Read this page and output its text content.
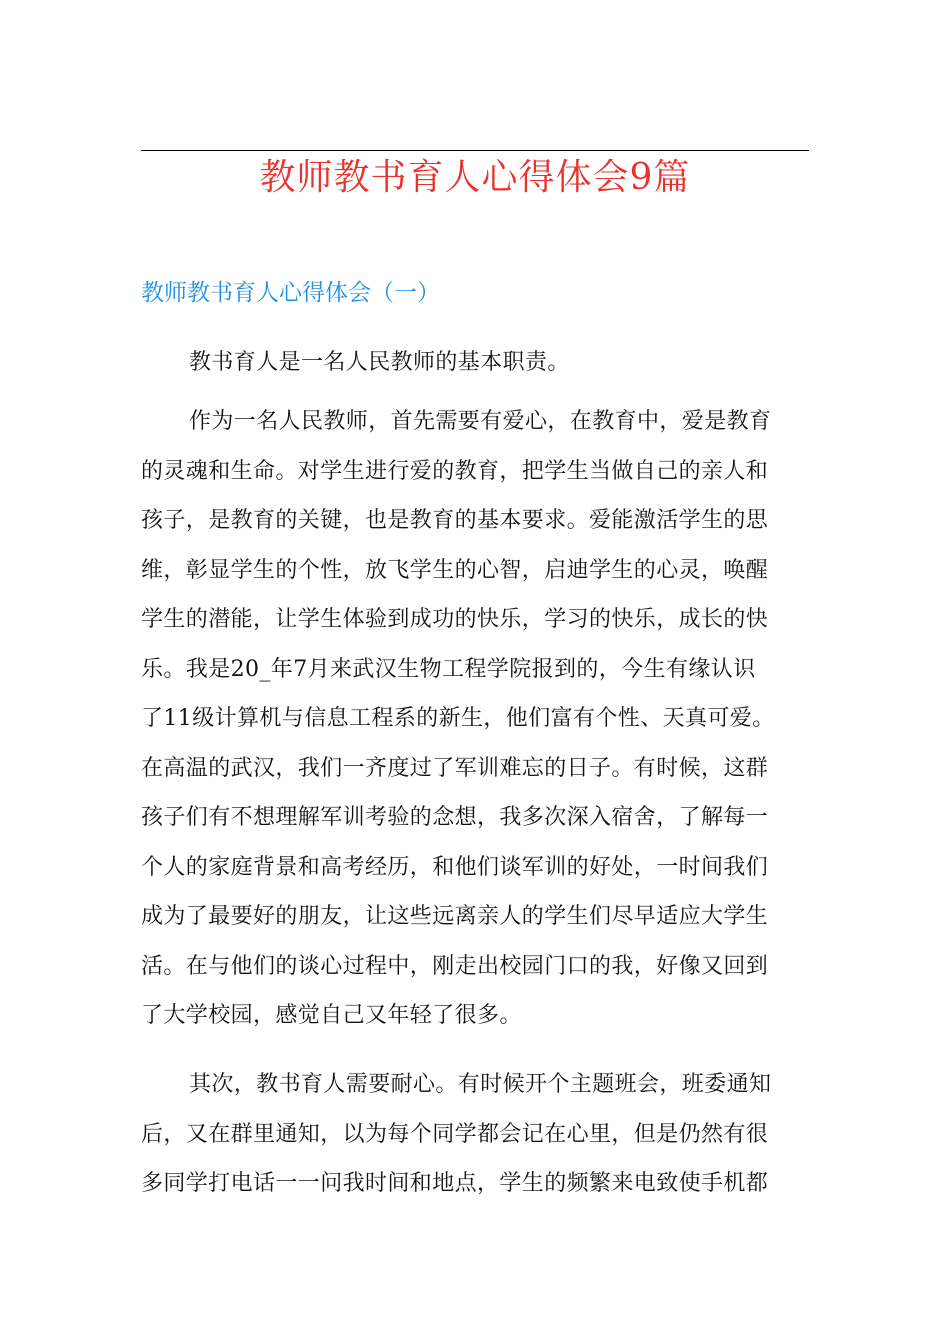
教师教书育人心得体会9篇
教师教书育人心得体会（一）
教书育人是一名人民教师的基本职责。
作为一名人民教师，首先需要有爱心，在教育中，爱是教育
的灵魂和生命。对学生进行爱的教育，把学生当做自己的亲人和
孩子，是教育的关键，也是教育的基本要求。爱能激活学生的思
维，彰显学生的个性，放飞学生的心智，启迪学生的心灵，唤醒
学生的潜能，让学生体验到成功的快乐，学习的快乐，成长的快
乐。我是20_年7月来武汉生物工程学院报到的，今生有缘认识
了11级计算机与信息工程系的新生，他们富有个性、天真可爱。
在高温的武汉，我们一齐度过了军训难忘的日子。有时候，这群
孩子们有不想理解军训考验的念想，我多次深入宿舍，了解每一
个人的家庭背景和高考经历，和他们谈军训的好处，一时间我们
成为了最要好的朋友，让这些远离亲人的学生们尽早适应大学生
活。在与他们的谈心过程中，刚走出校园门口的我，好像又回到
了大学校园，感觉自己又年轻了很多。
其次，教书育人需要耐心。有时候开个主题班会，班委通知
后，又在群里通知，以为每个同学都会记在心里，但是仍然有很
多同学打电话一一问我时间和地点，学生的频繁来电致使手机都
